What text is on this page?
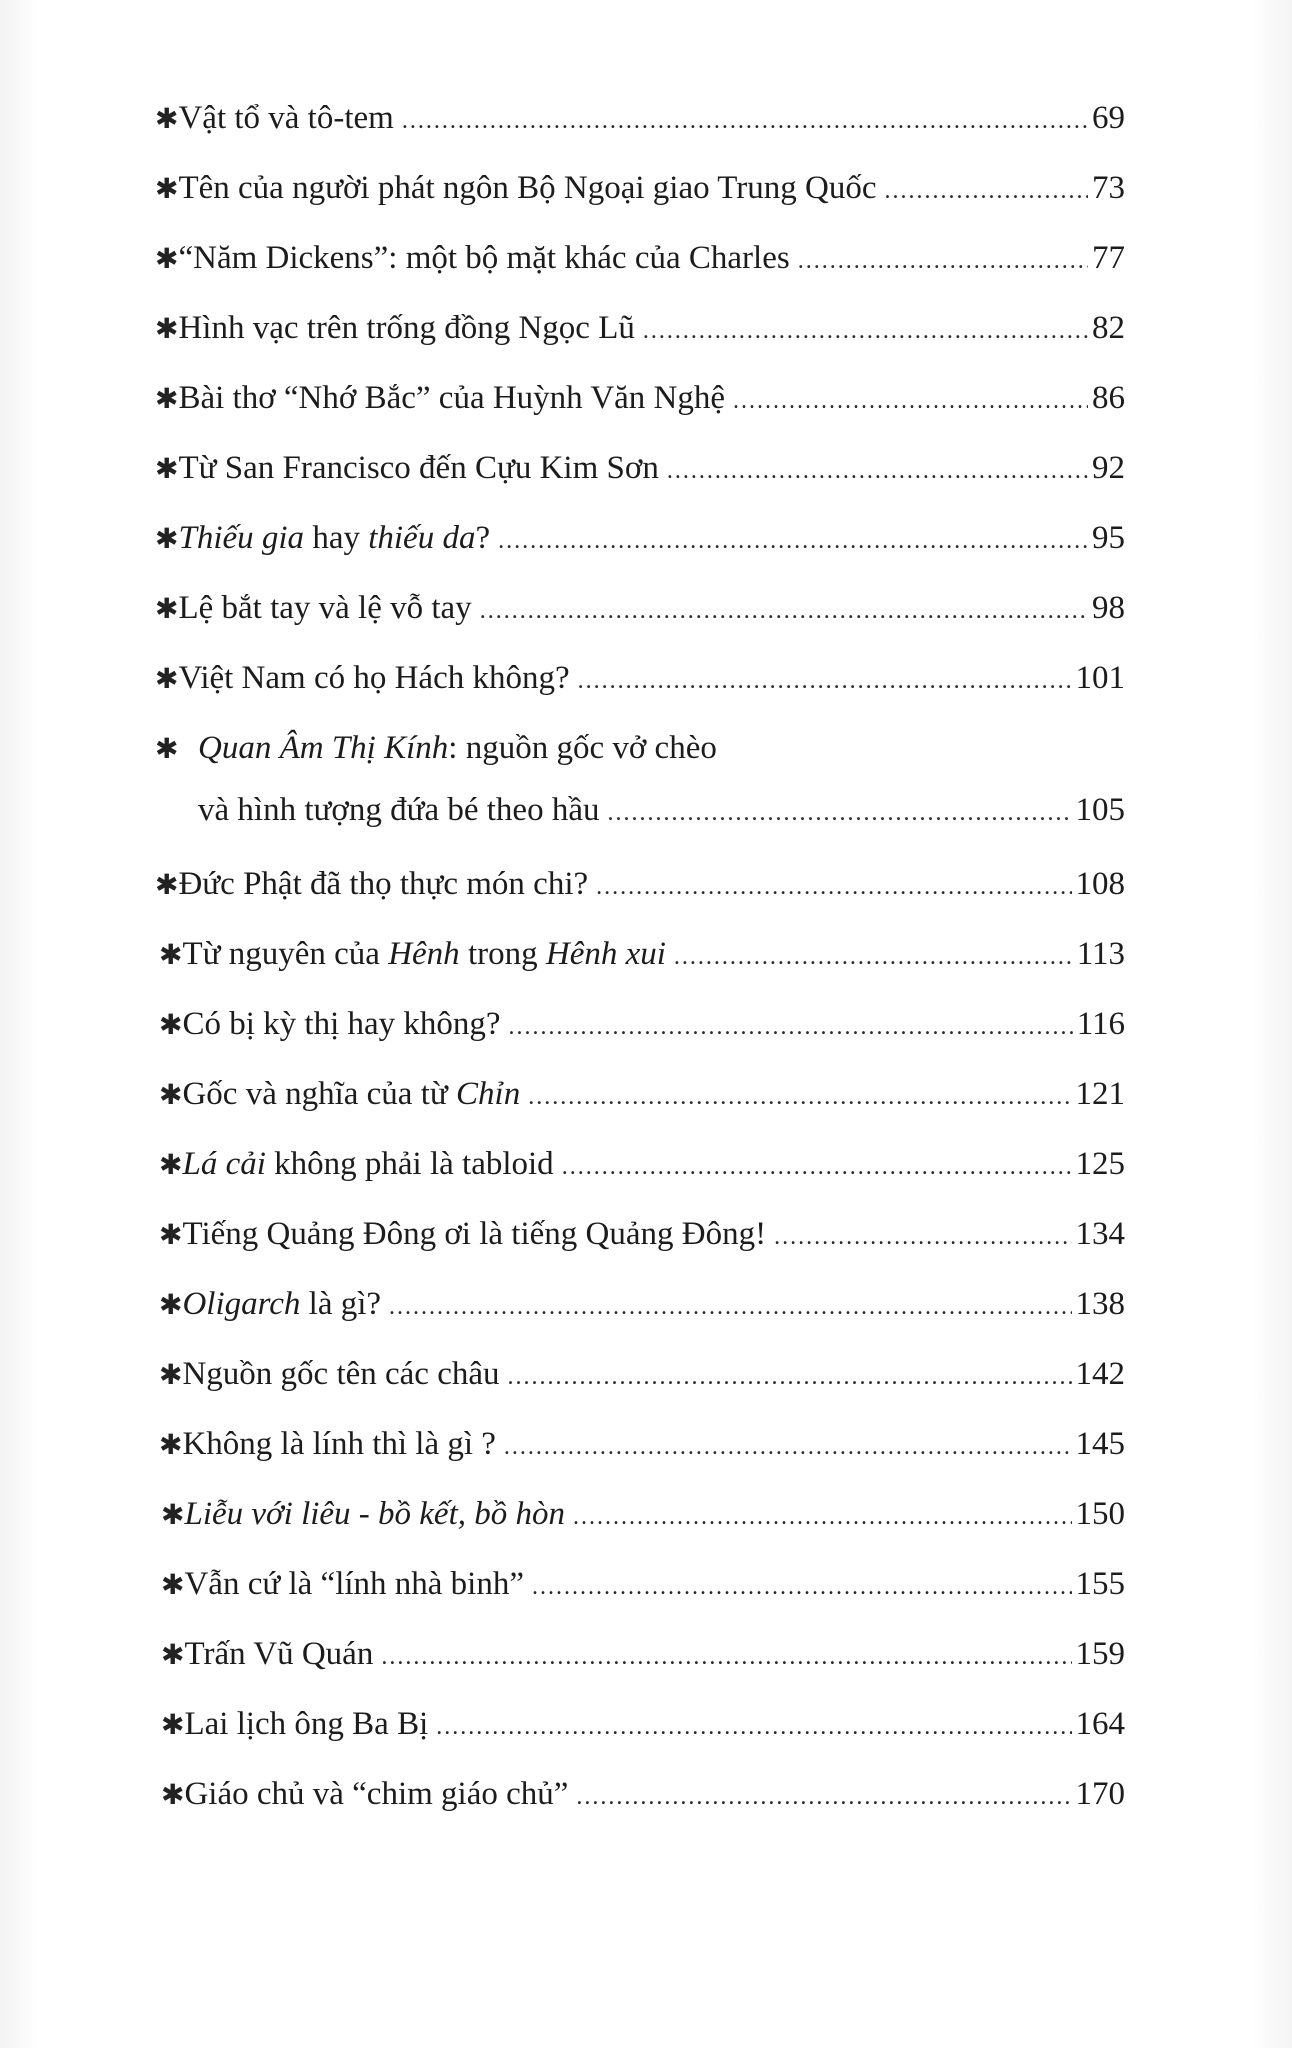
✱ Vật tổ và tô-tem .....	69
✱ Tên của người phát ngôn Bộ Ngoại giao Trung Quốc .....	73
✱ “Năm Dickens”: một bộ mặt khác của Charles .....	77
✱ Hình vạc trên trống đồng Ngọc Lũ .....	82
✱ Bài thơ “Nhớ Bắc” của Huỳnh Văn Nghệ .....	86
✱ Từ San Francisco đến Cựu Kim Sơn .....	92
✱ Thiếu gia hay thiếu da? .....	95
✱ Lệ bắt tay và lệ vỗ tay .....	98
✱ Việt Nam có họ Hách không? .....	101
✱ Quan Âm Thị Kính: nguồn gốc vở chèo
và hình tượng đứa bé theo hầu .....	105
✱ Đức Phật đã thọ thực món chi? .....	108
✱ Từ nguyên của Hênh trong Hênh xui .....	113
✱ Có bị kỳ thị hay không? .....	116
✱ Gốc và nghĩa của từ Chỉn .....	121
✱ Lá cải không phải là tabloid .....	125
✱ Tiếng Quảng Đông ơi là tiếng Quảng Đông! .....	134
✱ Oligarch là gì? .....	138
✱ Nguồn gốc tên các châu .....	142
✱ Không là lính thì là gì ? .....	145
✱ Liễu với liêu - bồ kết, bồ hòn .....	150
✱ Vẫn cứ là “lính nhà binh” .....	155
✱ Trấn Vũ Quán .....	159
✱ Lai lịch ông Ba Bị .....	164
✱ Giáo chủ và “chim giáo chủ” .....	170
